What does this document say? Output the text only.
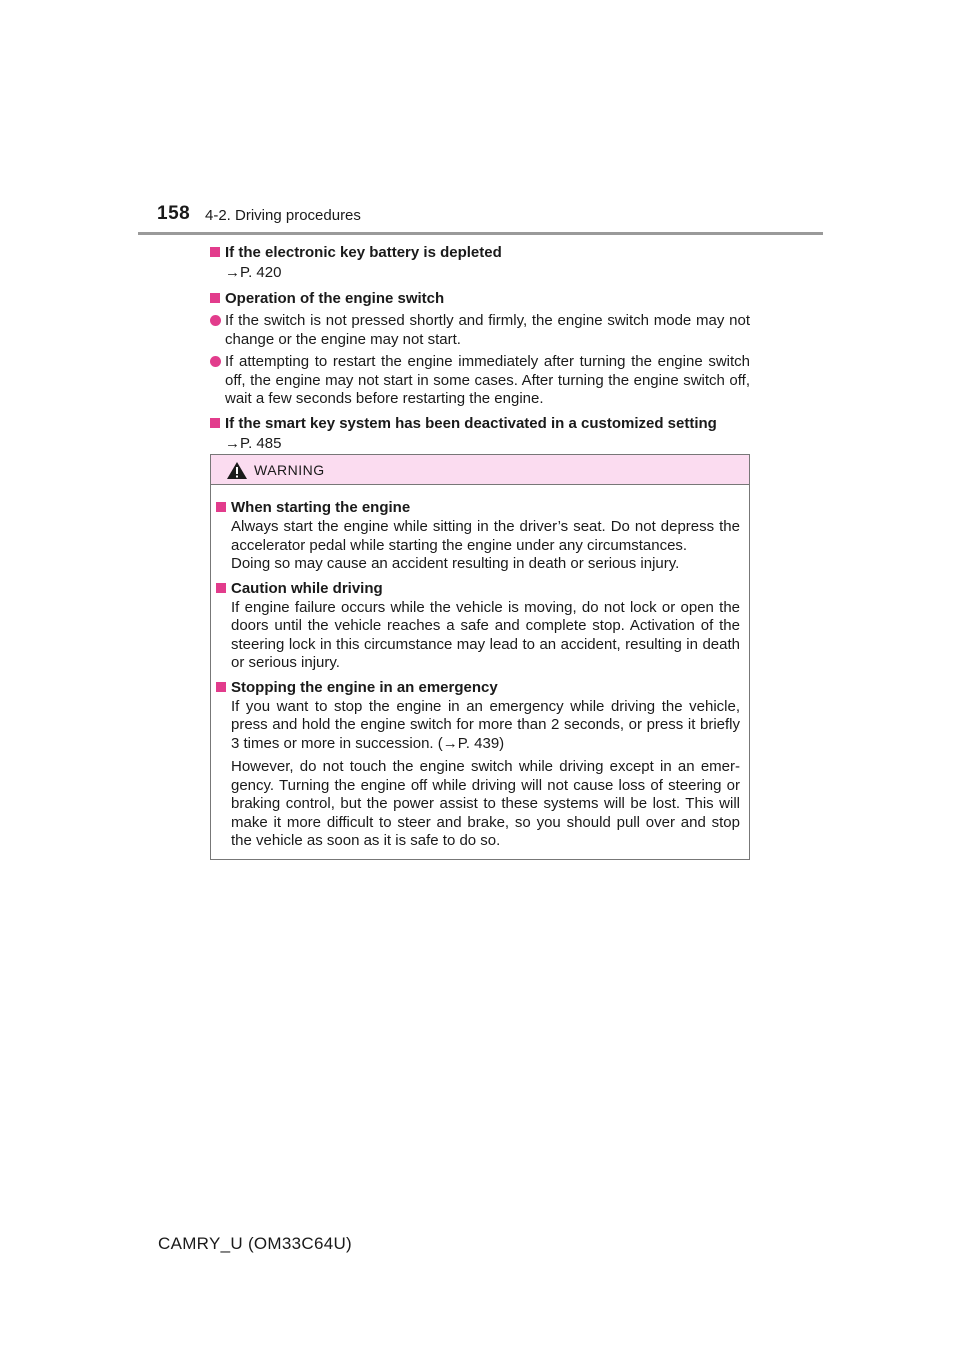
158 4-2. Driving procedures
If the electronic key battery is depleted
→P. 420
Operation of the engine switch
If the switch is not pressed shortly and firmly, the engine switch mode may not change or the engine may not start.
If attempting to restart the engine immediately after turning the engine switch off, the engine may not start in some cases. After turning the engine switch off, wait a few seconds before restarting the engine.
If the smart key system has been deactivated in a customized setting
→P. 485
WARNING
When starting the engine
Always start the engine while sitting in the driver’s seat. Do not depress the accelerator pedal while starting the engine under any circumstances.
Doing so may cause an accident resulting in death or serious injury.
Caution while driving
If engine failure occurs while the vehicle is moving, do not lock or open the doors until the vehicle reaches a safe and complete stop. Activation of the steering lock in this circumstance may lead to an accident, resulting in death or serious injury.
Stopping the engine in an emergency
If you want to stop the engine in an emergency while driving the vehicle, press and hold the engine switch for more than 2 seconds, or press it briefly 3 times or more in succession. (→P. 439)
However, do not touch the engine switch while driving except in an emer-gency. Turning the engine off while driving will not cause loss of steering or braking control, but the power assist to these systems will be lost. This will make it more difficult to steer and brake, so you should pull over and stop the vehicle as soon as it is safe to do so.
CAMRY_U (OM33C64U)
